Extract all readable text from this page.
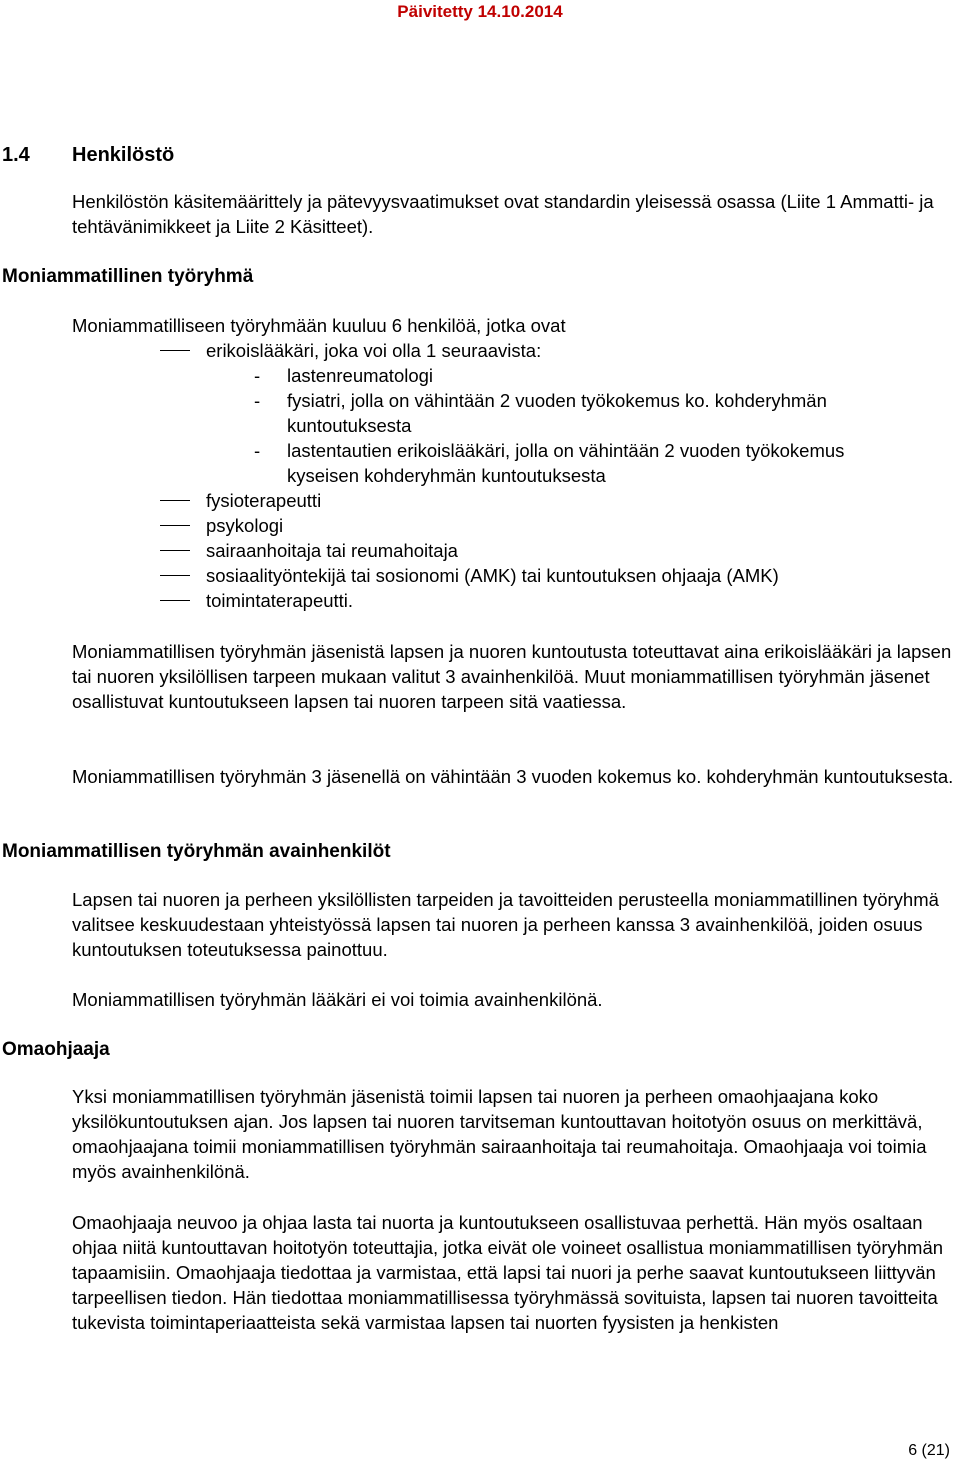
Päivitetty 14.10.2014
1.4 Henkilöstö

Henkilöstön käsitemäärittely ja pätevyysvaatimukset ovat standardin yleisessä osassa (Liite 1 Ammatti- ja tehtävänimikkeet ja Liite 2 Käsitteet).

Moniammatillinen työryhmä

Moniammatilliseen työryhmään kuuluu 6 henkilöä, jotka ovat

erikoislääkäri, joka voi olla 1 seuraavista:
- lastenreumatologi
- fysiatri, jolla on vähintään 2 vuoden työkokemus ko. kohderyhmän
kuntoutuksesta
- lastentautien erikoislääkäri, jolla on vähintään 2 vuoden työkokemus
kyseisen kohderyhmän kuntoutuksesta
fysioterapeutti
psykologi
sairaanhoitaja tai reumahoitaja
sosiaalityöntekijä tai sosionomi (AMK) tai kuntoutuksen ohjaaja (AMK)
toimintaterapeutti.

Moniammatillisen työryhmän jäsenistä lapsen ja nuoren kuntoutusta toteuttavat aina erikoislääkäri ja lapsen tai nuoren yksilöllisen tarpeen mukaan valitut 3 avainhenkilöä. Muut moniammatillisen työryhmän jäsenet osallistuvat kuntoutukseen lapsen tai nuoren tarpeen sitä vaatiessa.

Moniammatillisen työryhmän 3 jäsenellä on vähintään 3 vuoden kokemus ko. kohderyhmän kuntoutuksesta.

Moniammatillisen työryhmän avainhenkilöt

Lapsen tai nuoren ja perheen yksilöllisten tarpeiden ja tavoitteiden perusteella moniammatillinen työryhmä valitsee keskuudestaan yhteistyössä lapsen tai nuoren ja perheen kanssa 3 avainhenkilöä, joiden osuus kuntoutuksen toteutuksessa painottuu.

Moniammatillisen työryhmän lääkäri ei voi toimia avainhenkilönä.

Omaohjaaja

Yksi moniammatillisen työryhmän jäsenistä toimii lapsen tai nuoren ja perheen omaohjaajana koko yksilökuntoutuksen ajan. Jos lapsen tai nuoren tarvitseman kuntouttavan hoitotyön osuus on merkittävä, omaohjaajana toimii moniammatillisen työryhmän sairaanhoitaja tai reumahoitaja. Omaohjaaja voi toimia myös avainhenkilönä.

Omaohjaaja neuvoo ja ohjaa lasta tai nuorta ja kuntoutukseen osallistuvaa perhettä. Hän myös osaltaan ohjaa niitä kuntouttavan hoitotyön toteuttajia, jotka eivät ole voineet osallistua moniammatillisen työryhmän tapaamisiin. Omaohjaaja tiedottaa ja varmistaa, että lapsi tai nuori ja perhe saavat kuntoutukseen liittyvän tarpeellisen tiedon. Hän tiedottaa moniammatillisessa työryhmässä sovituista, lapsen tai nuoren tavoitteita tukevista toimintaperiaatteista sekä varmistaa lapsen tai nuorten fyysisten ja henkisten

6 (21)
